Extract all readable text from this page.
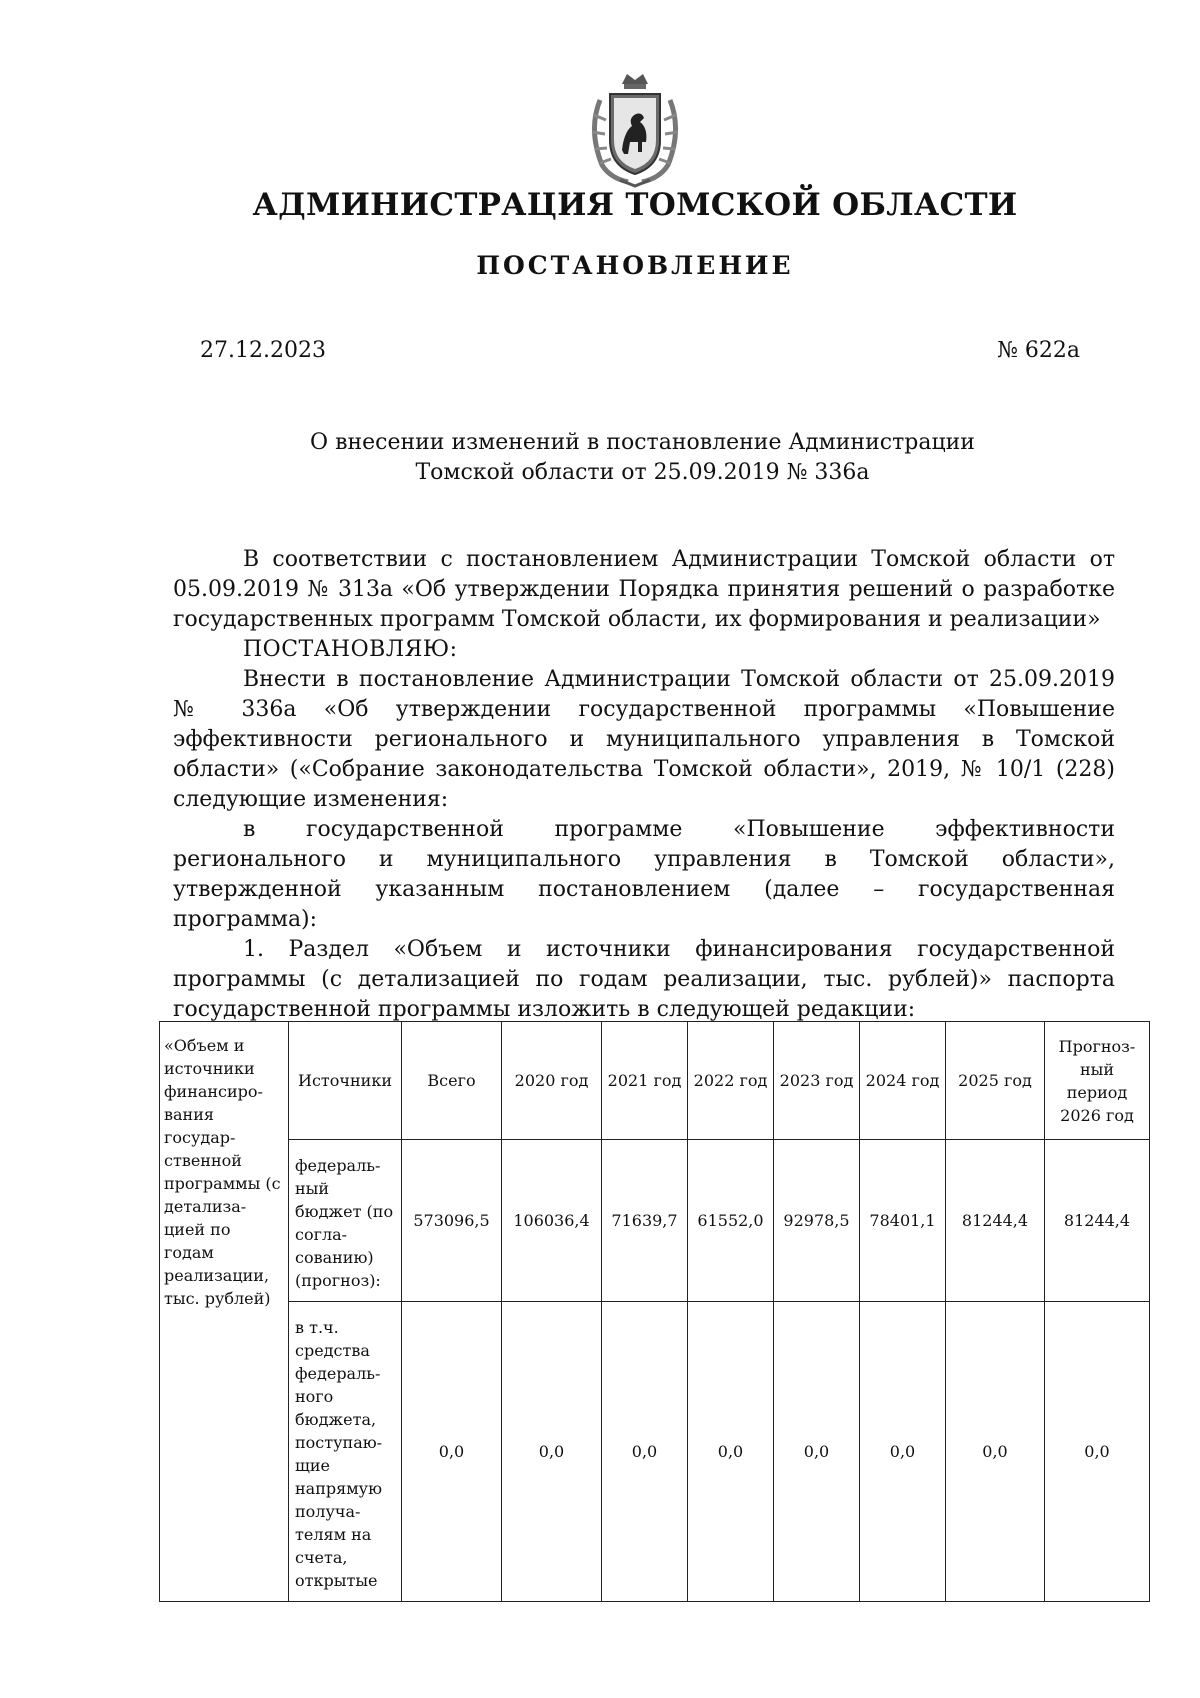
АДМИНИСТРАЦИЯ ТОМСКОЙ ОБЛАСТИ
ПОСТАНОВЛЕНИЕ
27.12.2023	№ 622а
О внесении изменений в постановление Администрации
Томской области от 25.09.2019 № 336а

В соответствии с постановлением Администрации Томской области от 05.09.2019 № 313а «Об утверждении Порядка принятия решений о разработке государственных программ Томской области, их формирования и реализации»

ПОСТАНОВЛЯЮ:

Внести в постановление Администрации Томской области от 25.09.2019 № 336а «Об утверждении государственной программы «Повышение эффективности регионального и муниципального управления в Томской области» («Собрание законодательства Томской области», 2019, № 10/1 (228) следующие изменения:

в государственной программе «Повышение эффективности регионального и муниципального управления в Томской области», утвержденной указанным постановлением (далее – государственная программа):

1. Раздел «Объем и источники финансирования государственной программы (с детализацией по годам реализации, тыс. рублей)» паспорта государственной программы изложить в следующей редакции:

«Объем и источники финансиро-вания государ-ственной программы (с детализа-цией по годам реализации, тыс. рублей)	Источники	Всего	2020 год	2021 год	2022 год	2023 год	2024 год	2025 год	Прогноз-ный период 2026 год
	федераль-ный бюджет (по согла-сованию) (прогноз):	573096,5	106036,4	71639,7	61552,0	92978,5	78401,1	81244,4	81244,4
	в т.ч. средства федераль-ного бюджета, поступаю-щие напрямую получа-телям на счета, открытые	0,0	0,0	0,0	0,0	0,0	0,0	0,0	0,0
